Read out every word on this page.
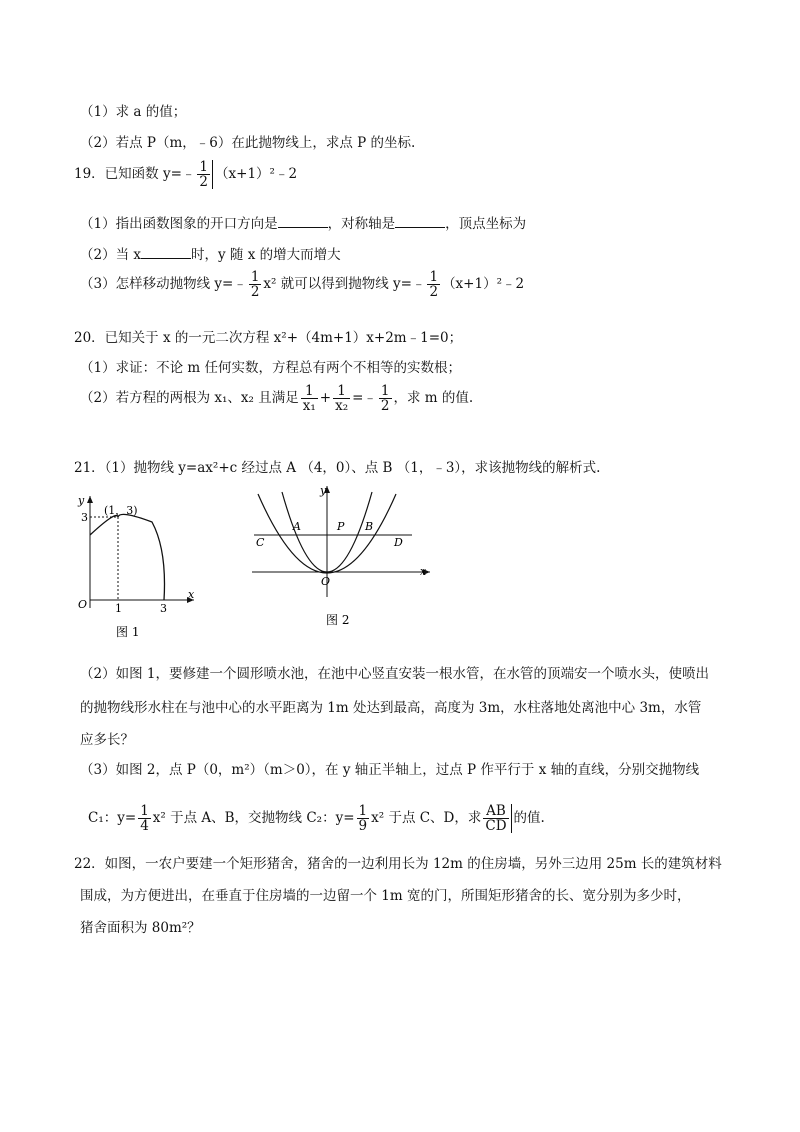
（1）求 a 的值；
（2）若点 P（m，﹣6）在此抛物线上，求点 P 的坐标.
19．已知函数 y=﹣ $\frac{1}{2}$ （x+1）²﹣2
（1）指出函数图象的开口方向是	，对称轴是	，顶点坐标为
（2）当 x	时，y 随 x 的增大而增大
（3）怎样移动抛物线 y=﹣ $\frac{1}{2} x^2$ 就可以得到抛物线 y=﹣ $\frac{1}{2}$ （x+1）²﹣2
20．已知关于 x 的一元二次方程 x²+（4m+1）x+2m﹣1=0；
（1）求证：不论 m 任何实数，方程总有两个不相等的实数根；
（2）若方程的两根为 x₁、x₂ 且满足 $\frac{1}{\text{x₁}} + \frac{1}{\text{x₂}}$ =﹣ $\frac{1}{2}$ ，求 m 的值.
21．（1）抛物线 y=ax²+c 经过点 A （4，0）、点 B （1，﹣3），求该抛物线的解析式.
y
x
O
(1，3)
3
1	3
图 1
y
x
O
A	P B
C	D
图 2
（2）如图 1，要修建一个圆形喷水池，在池中心竖直安装一根水管，在水管的顶端安一个喷水头，使喷出
的抛物线形水柱在与池中心的水平距离为 1m 处达到最高，高度为 3m，水柱落地处离池中心 3m，水管
应多长？
（3）如图 2，点 P（0，m²）（m＞0），在 y 轴正半轴上，过点 P 作平行于 x 轴的直线，分别交抛物线
C₁：$y= \frac{1}{4} x^2$ 于点 A、B，交抛物线 C₂：$y= \frac{1}{9} x^2$ 于点 C、D，求 $\frac{AB}{CD}$ 的值.
22．如图，一农户要建一个矩形猪舍，猪舍的一边利用长为 12m 的住房墙，另外三边用 25m 长的建筑材料
围成，为方便进出，在垂直于住房墙的一边留一个 1m 宽的门，所围矩形猪舍的长、宽分别为多少时，
猪舍面积为 80m²？
